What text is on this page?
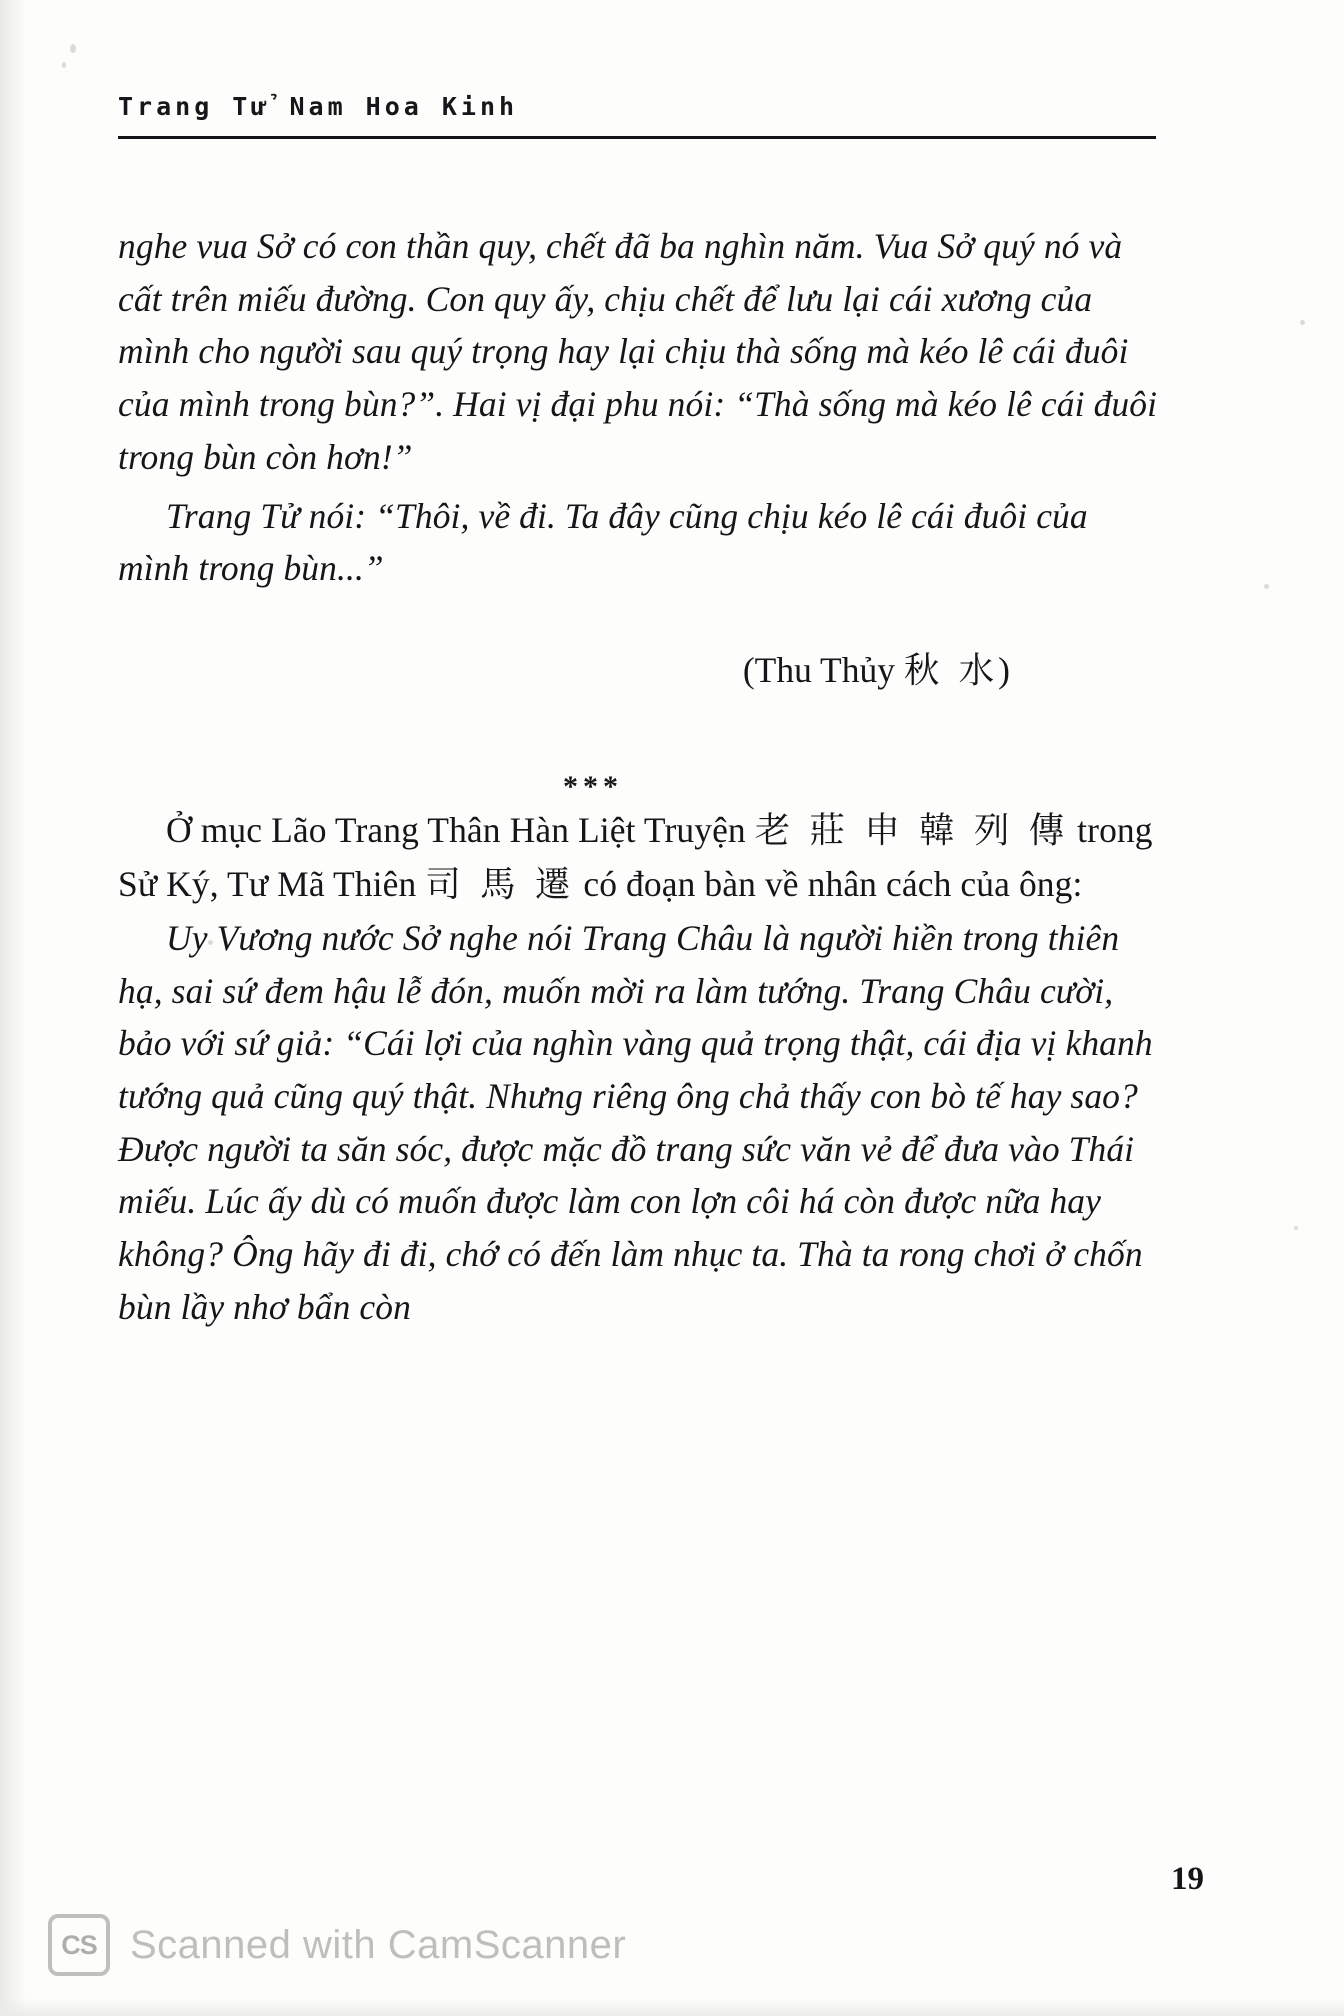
Trang Tử Nam Hoa Kinh

nghe vua Sở có con thần quy, chết đã ba nghìn năm. Vua Sở quý nó và cất trên miếu đường. Con quy ấy, chịu chết để lưu lại cái xương của mình cho người sau quý trọng hay lại chịu thà sống mà kéo lê cái đuôi của mình trong bùn?”. Hai vị đại phu nói: “Thà sống mà kéo lê cái đuôi trong bùn còn hơn!”

Trang Tử nói: “Thôi, về đi. Ta đây cũng chịu kéo lê cái đuôi của mình trong bùn...”

(Thu Thủy 秋 水)

***

Ở mục Lão Trang Thân Hàn Liệt Truyện 老 莊 申 韓 列 傳 trong Sử Ký, Tư Mã Thiên 司 馬 遷 có đoạn bàn về nhân cách của ông:

Uy Vương nước Sở nghe nói Trang Châu là người hiền trong thiên hạ, sai sứ đem hậu lễ đón, muốn mời ra làm tướng. Trang Châu cười, bảo với sứ giả: “Cái lợi của nghìn vàng quả trọng thật, cái địa vị khanh tướng quả cũng quý thật. Nhưng riêng ông chả thấy con bò tế hay sao? Được người ta săn sóc, được mặc đồ trang sức văn vẻ để đưa vào Thái miếu. Lúc ấy dù có muốn được làm con lợn côi há còn được nữa hay không? Ông hãy đi đi, chớ có đến làm nhục ta. Thà ta rong chơi ở chốn bùn lầy nhơ bẩn còn

19
CS Scanned with CamScanner
